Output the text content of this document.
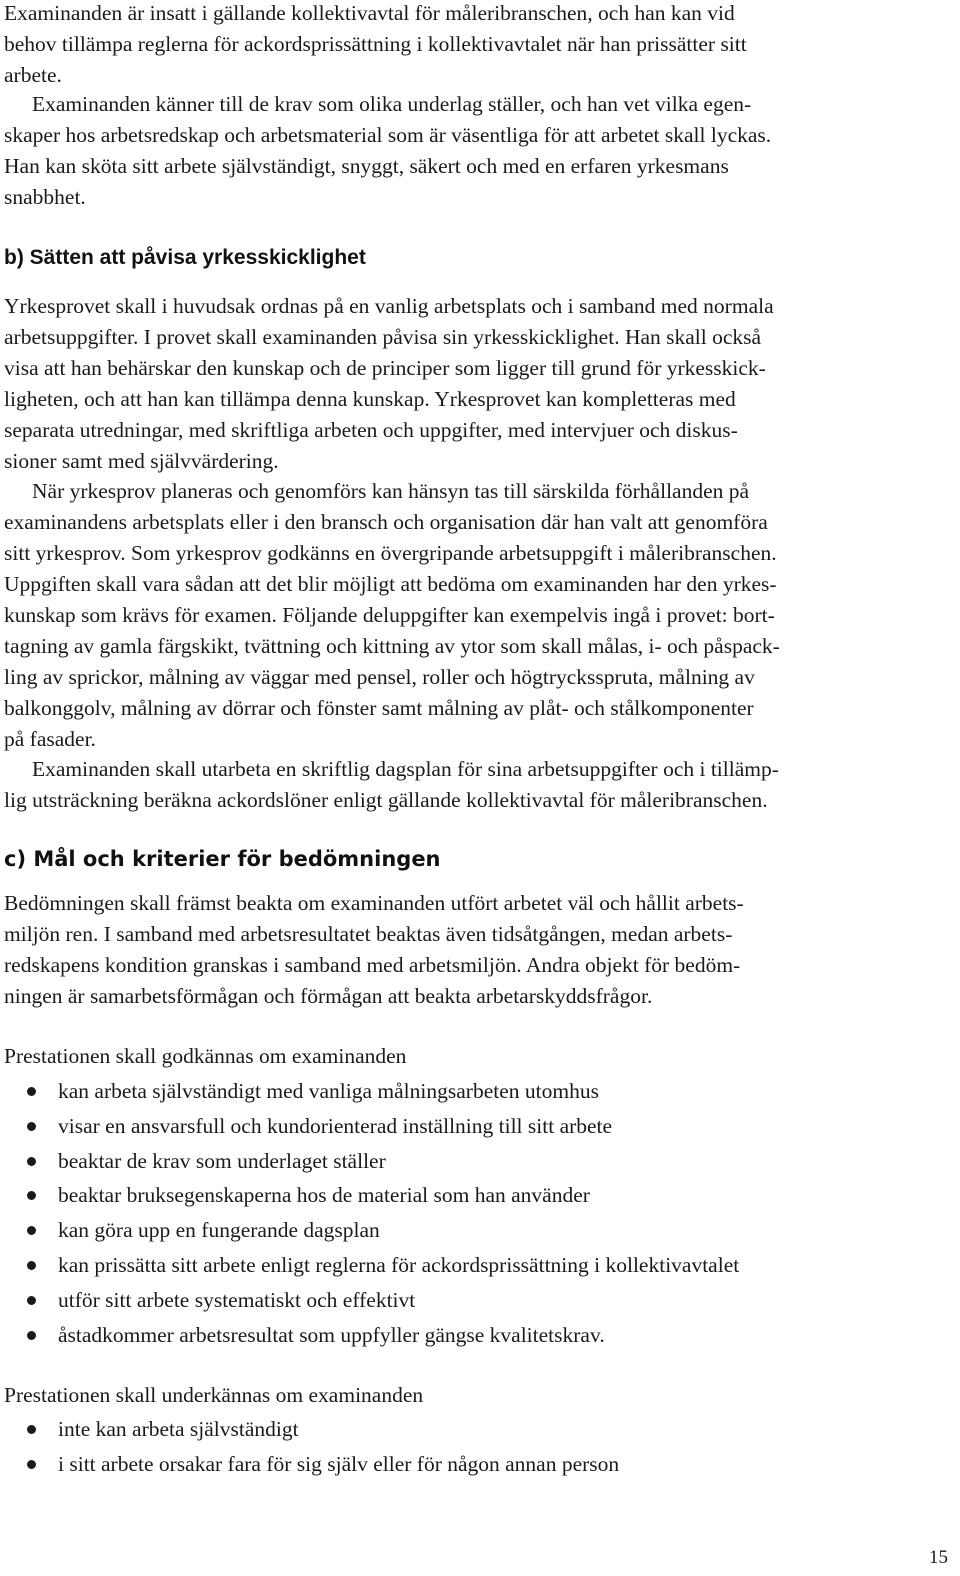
Examinanden är insatt i gällande kollektivavtal för måleribranschen, och han kan vid
behov tillämpa reglerna för ackordsprissättning i kollektivavtalet när han prissätter sitt
arbete.

Examinanden känner till de krav som olika underlag ställer, och han vet vilka egen-
skaper hos arbetsredskap och arbetsmaterial som är väsentliga för att arbetet skall lyckas.
Han kan sköta sitt arbete självständigt, snyggt, säkert och med en erfaren yrkesmans
snabbhet.

b) Sätten att påvisa yrkesskicklighet

Yrkesprovet skall i huvudsak ordnas på en vanlig arbetsplats och i samband med normala
arbetsuppgifter. I provet skall examinanden påvisa sin yrkesskicklighet. Han skall också
visa att han behärskar den kunskap och de principer som ligger till grund för yrkesskick-
ligheten, och att han kan tillämpa denna kunskap. Yrkesprovet kan kompletteras med
separata utredningar, med skriftliga arbeten och uppgifter, med intervjuer och diskus-
sioner samt med självvärdering.

När yrkesprov planeras och genomförs kan hänsyn tas till särskilda förhållanden på
examinandens arbetsplats eller i den bransch och organisation där han valt att genomföra
sitt yrkesprov. Som yrkesprov godkänns en övergripande arbetsuppgift i måleribranschen.
Uppgiften skall vara sådan att det blir möjligt att bedöma om examinanden har den yrkes-
kunskap som krävs för examen. Följande deluppgifter kan exempelvis ingå i provet: bort-
tagning av gamla färgskikt, tvättning och kittning av ytor som skall målas, i- och påspack-
ling av sprickor, målning av väggar med pensel, roller och högtrycksspruta, målning av
balkonggolv, målning av dörrar och fönster samt målning av plåt- och stålkomponenter
på fasader.

Examinanden skall utarbeta en skriftlig dagsplan för sina arbetsuppgifter och i tillämp-
lig utsträckning beräkna ackordslöner enligt gällande kollektivavtal för måleribranschen.

c) Mål och kriterier för bedömningen

Bedömningen skall främst beakta om examinanden utfört arbetet väl och hållit arbets-
miljön ren. I samband med arbetsresultatet beaktas även tidsåtgången, medan arbets-
redskapens kondition granskas i samband med arbetsmiljön. Andra objekt för bedöm-
ningen är samarbetsförmågan och förmågan att beakta arbetarskyddsfrågor.

Prestationen skall godkännas om examinanden

kan arbeta självständigt med vanliga målningsarbeten utomhus
visar en ansvarsfull och kundorienterad inställning till sitt arbete
beaktar de krav som underlaget ställer
beaktar bruksegenskaperna hos de material som han använder
kan göra upp en fungerande dagsplan
kan prissätta sitt arbete enligt reglerna för ackordsprissättning i kollektivavtalet
utför sitt arbete systematiskt och effektivt
åstadkommer arbetsresultat som uppfyller gängse kvalitetskrav.

Prestationen skall underkännas om examinanden

inte kan arbeta självständigt
i sitt arbete orsakar fara för sig själv eller för någon annan person
15
